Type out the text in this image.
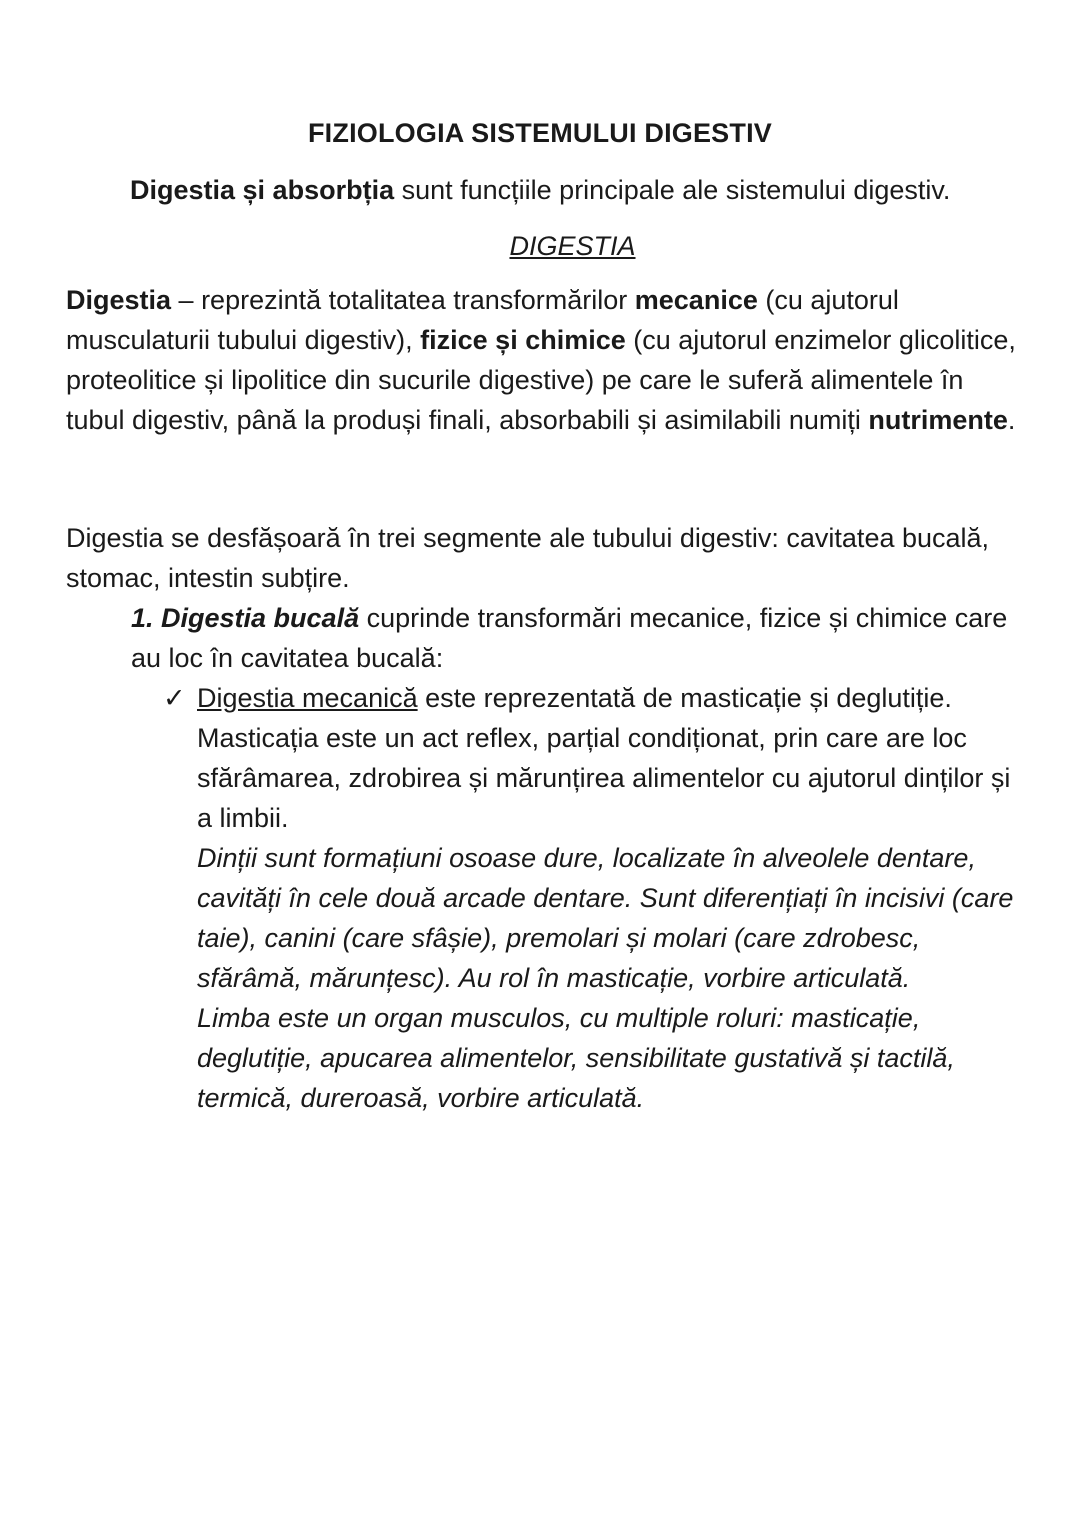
FIZIOLOGIA SISTEMULUI DIGESTIV
Digestia și absorbția sunt funcțiile principale ale sistemului digestiv.
DIGESTIA
Digestia – reprezintă totalitatea transformărilor mecanice (cu ajutorul musculaturii tubului digestiv), fizice și chimice (cu ajutorul enzimelor glicolitice, proteolitice și lipolitice din sucurile digestive) pe care le suferă alimentele în tubul digestiv, până la produși finali, absorbabili și asimilabili numiți nutrimente.
Digestia se desfășoară în trei segmente ale tubului digestiv: cavitatea bucală, stomac, intestin subțire.
1. Digestia bucală cuprinde transformări mecanice, fizice și chimice care au loc în cavitatea bucală:
✓ Digestia mecanică este reprezentată de masticație și deglutiție.
Masticația este un act reflex, parțial condiționat, prin care are loc sfărâmarea, zdrobirea și mărunțirea alimentelor cu ajutorul dinților și a limbii.
Dinții sunt formațiuni osoase dure, localizate în alveolele dentare, cavități în cele două arcade dentare. Sunt diferențiați în incisivi (care taie), canini (care sfâșie), premolari și molari (care zdrobesc, sfărâmă, mărunțesc). Au rol în masticație, vorbire articulată.
Limba este un organ musculos, cu multiple roluri: masticație, deglutiție, apucarea alimentelor, sensibilitate gustativă și tactilă, termică, dureroasă, vorbire articulată.
